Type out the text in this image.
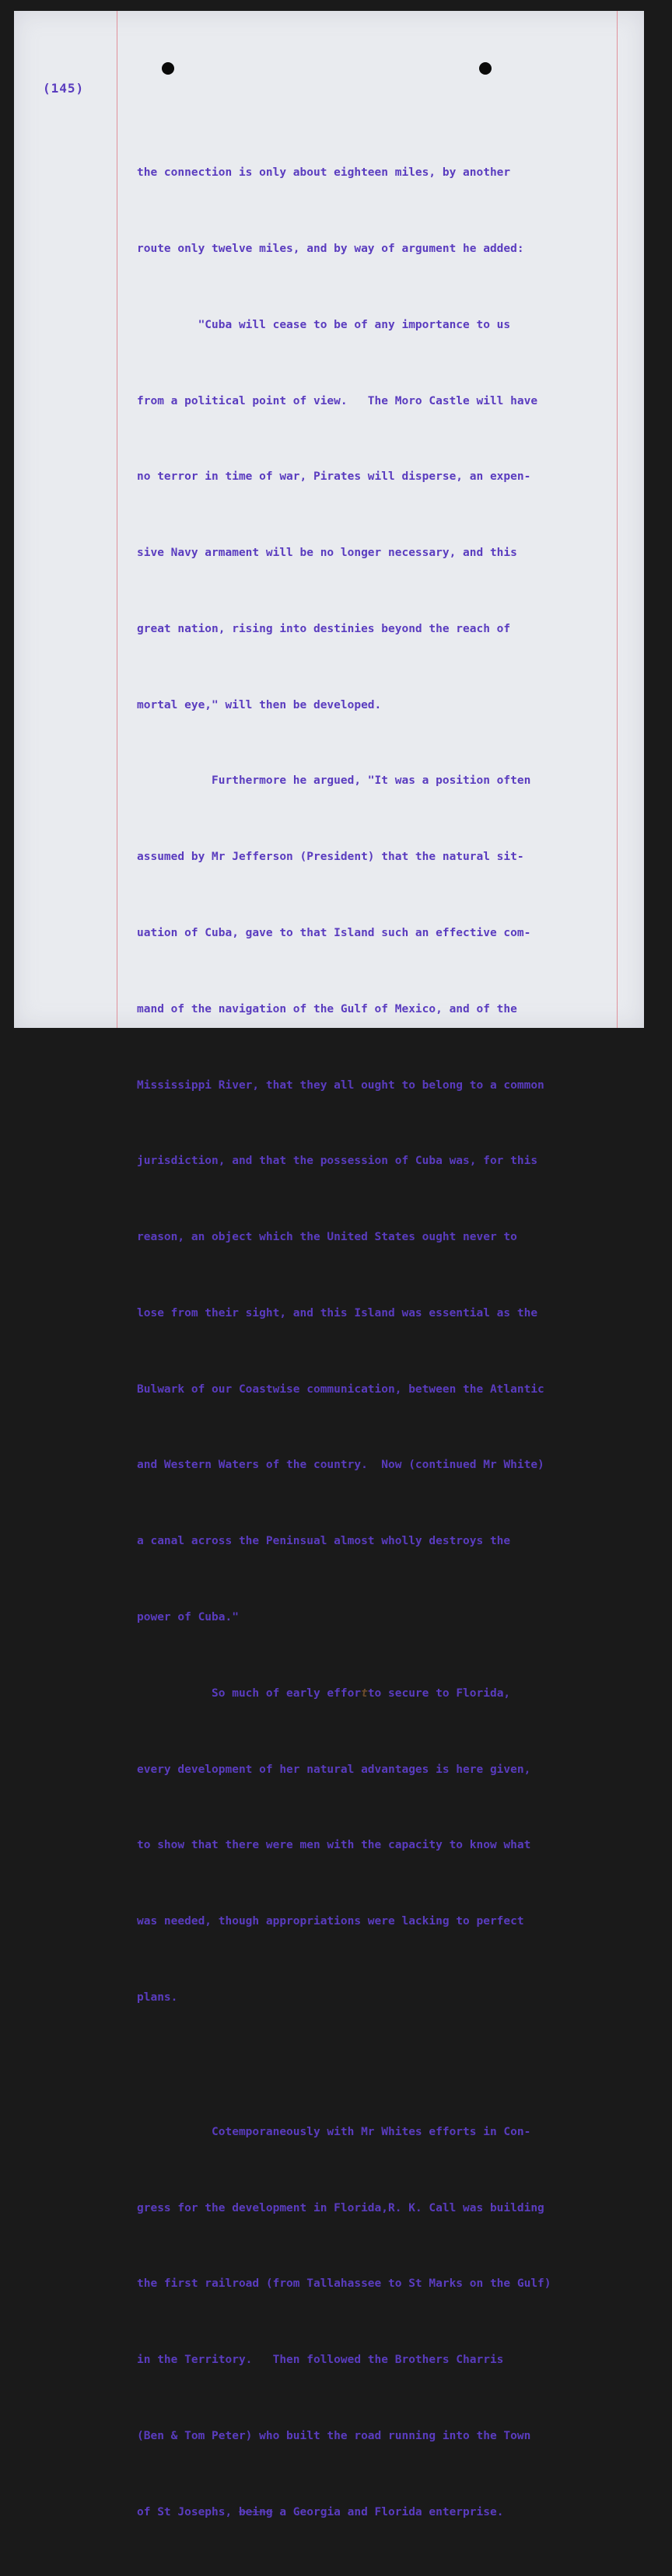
(145)

the connection is only about eighteen miles, by another

route only twelve miles, and by way of argument he added:

"Cuba will cease to be of any importance to us

from a political point of view.   The Moro Castle will have

no terror in time of war, Pirates will disperse, an expen-

sive Navy armament will be no longer necessary, and this

great nation, rising into destinies beyond the reach of

mortal eye," will then be developed.

Furthermore he argued, "It was a position often

assumed by Mr Jefferson (President) that the natural sit-

uation of Cuba, gave to that Island such an effective com-

mand of the navigation of the Gulf of Mexico, and of the

Mississippi River, that they all ought to belong to a common

jurisdiction, and that the possession of Cuba was, for this

reason, an object which the United States ought never to

lose from their sight, and this Island was essential as the

Bulwark of our Coastwise communication, between the Atlantic

and Western Waters of the country.  Now (continued Mr White)

a canal across the Peninsual almost wholly destroys the

power of Cuba."

So much of early effortto secure to Florida,

every development of her natural advantages is here given,

to show that there were men with the capacity to know what

was needed, though appropriations were lacking to perfect

plans.

Cotemporaneously with Mr Whites efforts in Con-

gress for the development in Florida,R. K. Call was building

the first railroad (from Tallahassee to St Marks on the Gulf)

in the Territory.   Then followed the Brothers Charris

(Ben & Tom Peter) who built the road running into the Town

of St Josephs, being a Georgia and Florida enterprise.
